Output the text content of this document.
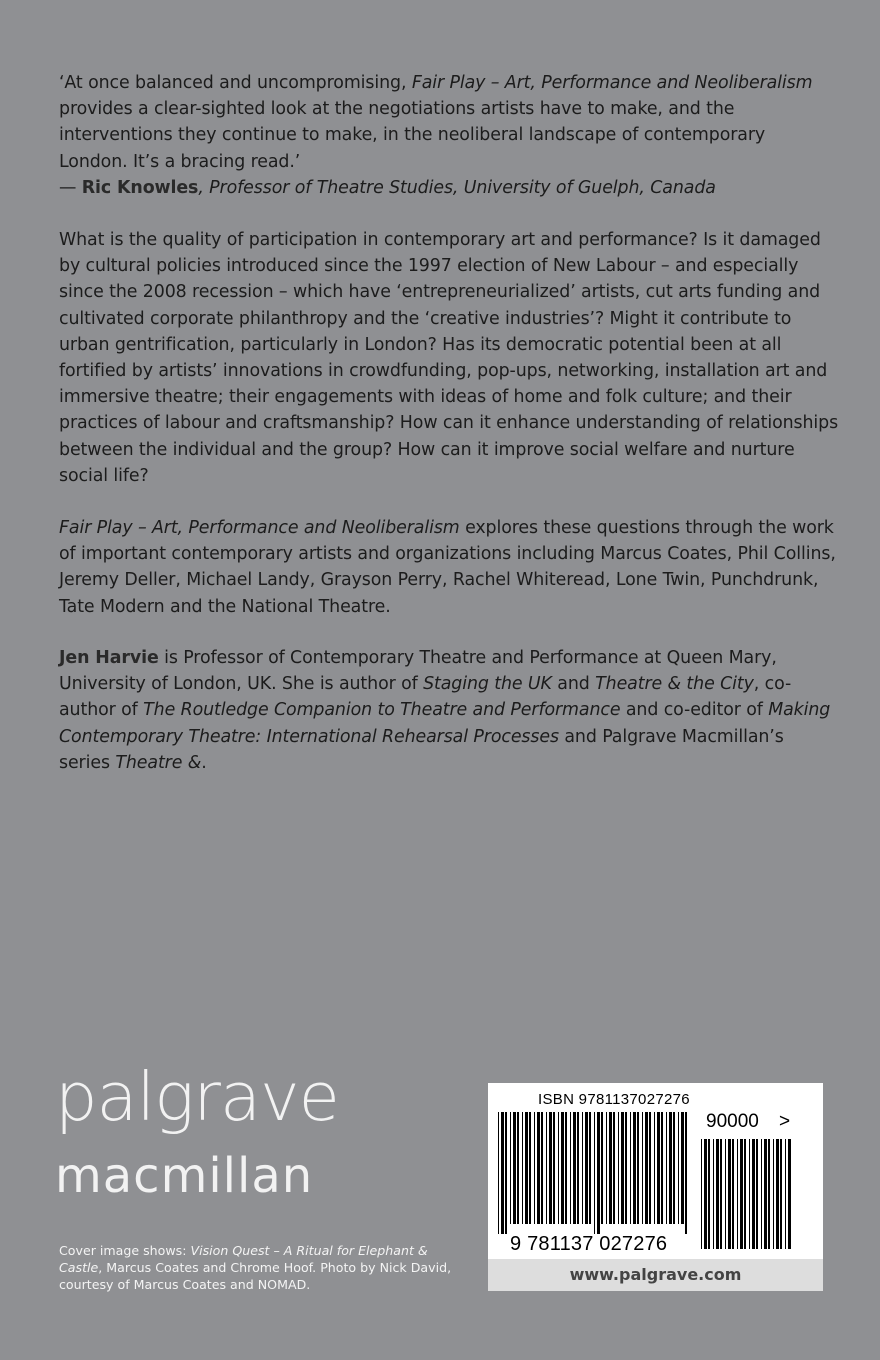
‘At once balanced and uncompromising, Fair Play – Art, Performance and Neoliberalism provides a clear-sighted look at the negotiations artists have to make, and the interventions they continue to make, in the neoliberal landscape of contemporary London. It’s a bracing read.’
— Ric Knowles, Professor of Theatre Studies, University of Guelph, Canada

What is the quality of participation in contemporary art and performance? Is it damaged by cultural policies introduced since the 1997 election of New Labour – and especially since the 2008 recession – which have ‘entrepreneurialized’ artists, cut arts funding and cultivated corporate philanthropy and the ‘creative industries’? Might it contribute to urban gentrification, particularly in London? Has its democratic potential been at all fortified by artists’ innovations in crowdfunding, pop-ups, networking, installation art and immersive theatre; their engagements with ideas of home and folk culture; and their practices of labour and craftsmanship? How can it enhance understanding of relationships between the individual and the group? How can it improve social welfare and nurture social life?

Fair Play – Art, Performance and Neoliberalism explores these questions through the work of important contemporary artists and organizations including Marcus Coates, Phil Collins, Jeremy Deller, Michael Landy, Grayson Perry, Rachel Whiteread, Lone Twin, Punchdrunk, Tate Modern and the National Theatre.

Jen Harvie is Professor of Contemporary Theatre and Performance at Queen Mary, University of London, UK. She is author of Staging the UK and Theatre & the City, co-author of The Routledge Companion to Theatre and Performance and co-editor of Making Contemporary Theatre: International Rehearsal Processes and Palgrave Macmillan’s series Theatre &.

palgrave
macmillan
Cover image shows: Vision Quest – A Ritual for Elephant & Castle, Marcus Coates and Chrome Hoof. Photo by Nick David, courtesy of Marcus Coates and NOMAD.
ISBN 9781137027276
90000 >
9 781137 027276
www.palgrave.com
